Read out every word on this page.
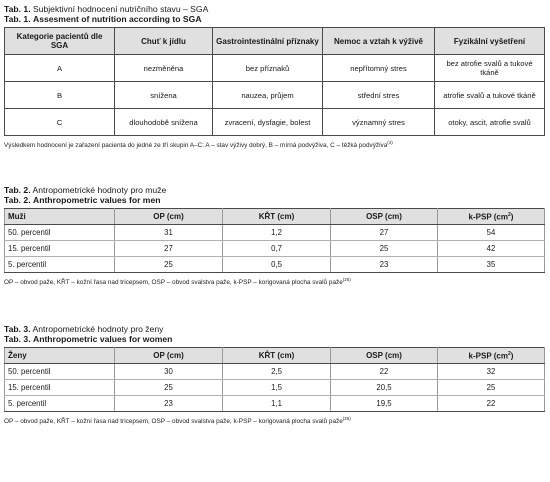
Tab. 1. Subjektivní hodnocení nutričního stavu – SGA
Tab. 1. Assesment of nutrition according to SGA
Kategorie pacientů dle SGA	Chuť k jídlu	Gastrointestinální příznaky	Nemoc a vztah k výživě	Fyzikální vyšetření
A	nezměněna	bez příznaků	nepřítomný stres	bez atrofie svalů a tukové tkáně
B	snížena	nauzea, průjem	střední stres	atrofie svalů a tukové tkáně
C	dlouhodobě snížena	zvracení, dysfagie, bolest	významný stres	otoky, ascit, atrofie svalů
Výsledkem hodnocení je zařazení pacienta do jedné ze tří skupin A–C: A – stav výživy dobrý, B – mírná podvýživa, C – těžká podvýživa$^{(4)}$
Tab. 2. Antropometrické hodnoty pro muže
Tab. 2. Anthropometric values for men
Muži	OP (cm)	KŘT (cm)	OSP (cm)	k-PSP $(cm^2)$
50. percentil	31	1,2	27	54
15. percentil	27	0,7	25	42
5. percentil	25	0,5	23	35
OP – obvod paže, KŘT – kožní řasa nad tricepsem, OSP – obvod svalstva paže, k-PSP – korigovaná plocha svalů paže$^{(25)}$
Tab. 3. Antropometrické hodnoty pro ženy
Tab. 3. Anthropometric values for women
Ženy	OP (cm)	KŘT (cm)	OSP (cm)	k-PSP $(cm^2)$
50. percentil	30	2,5	22	32
15. percentil	25	1,5	20,5	25
5. percentil	23	1,1	19,5	22
OP – obvod paže, KŘT – kožní řasa nad tricepsem, OSP – obvod svalstva paže, k-PSP – korigovaná plocha svalů paže$^{(25)}$
